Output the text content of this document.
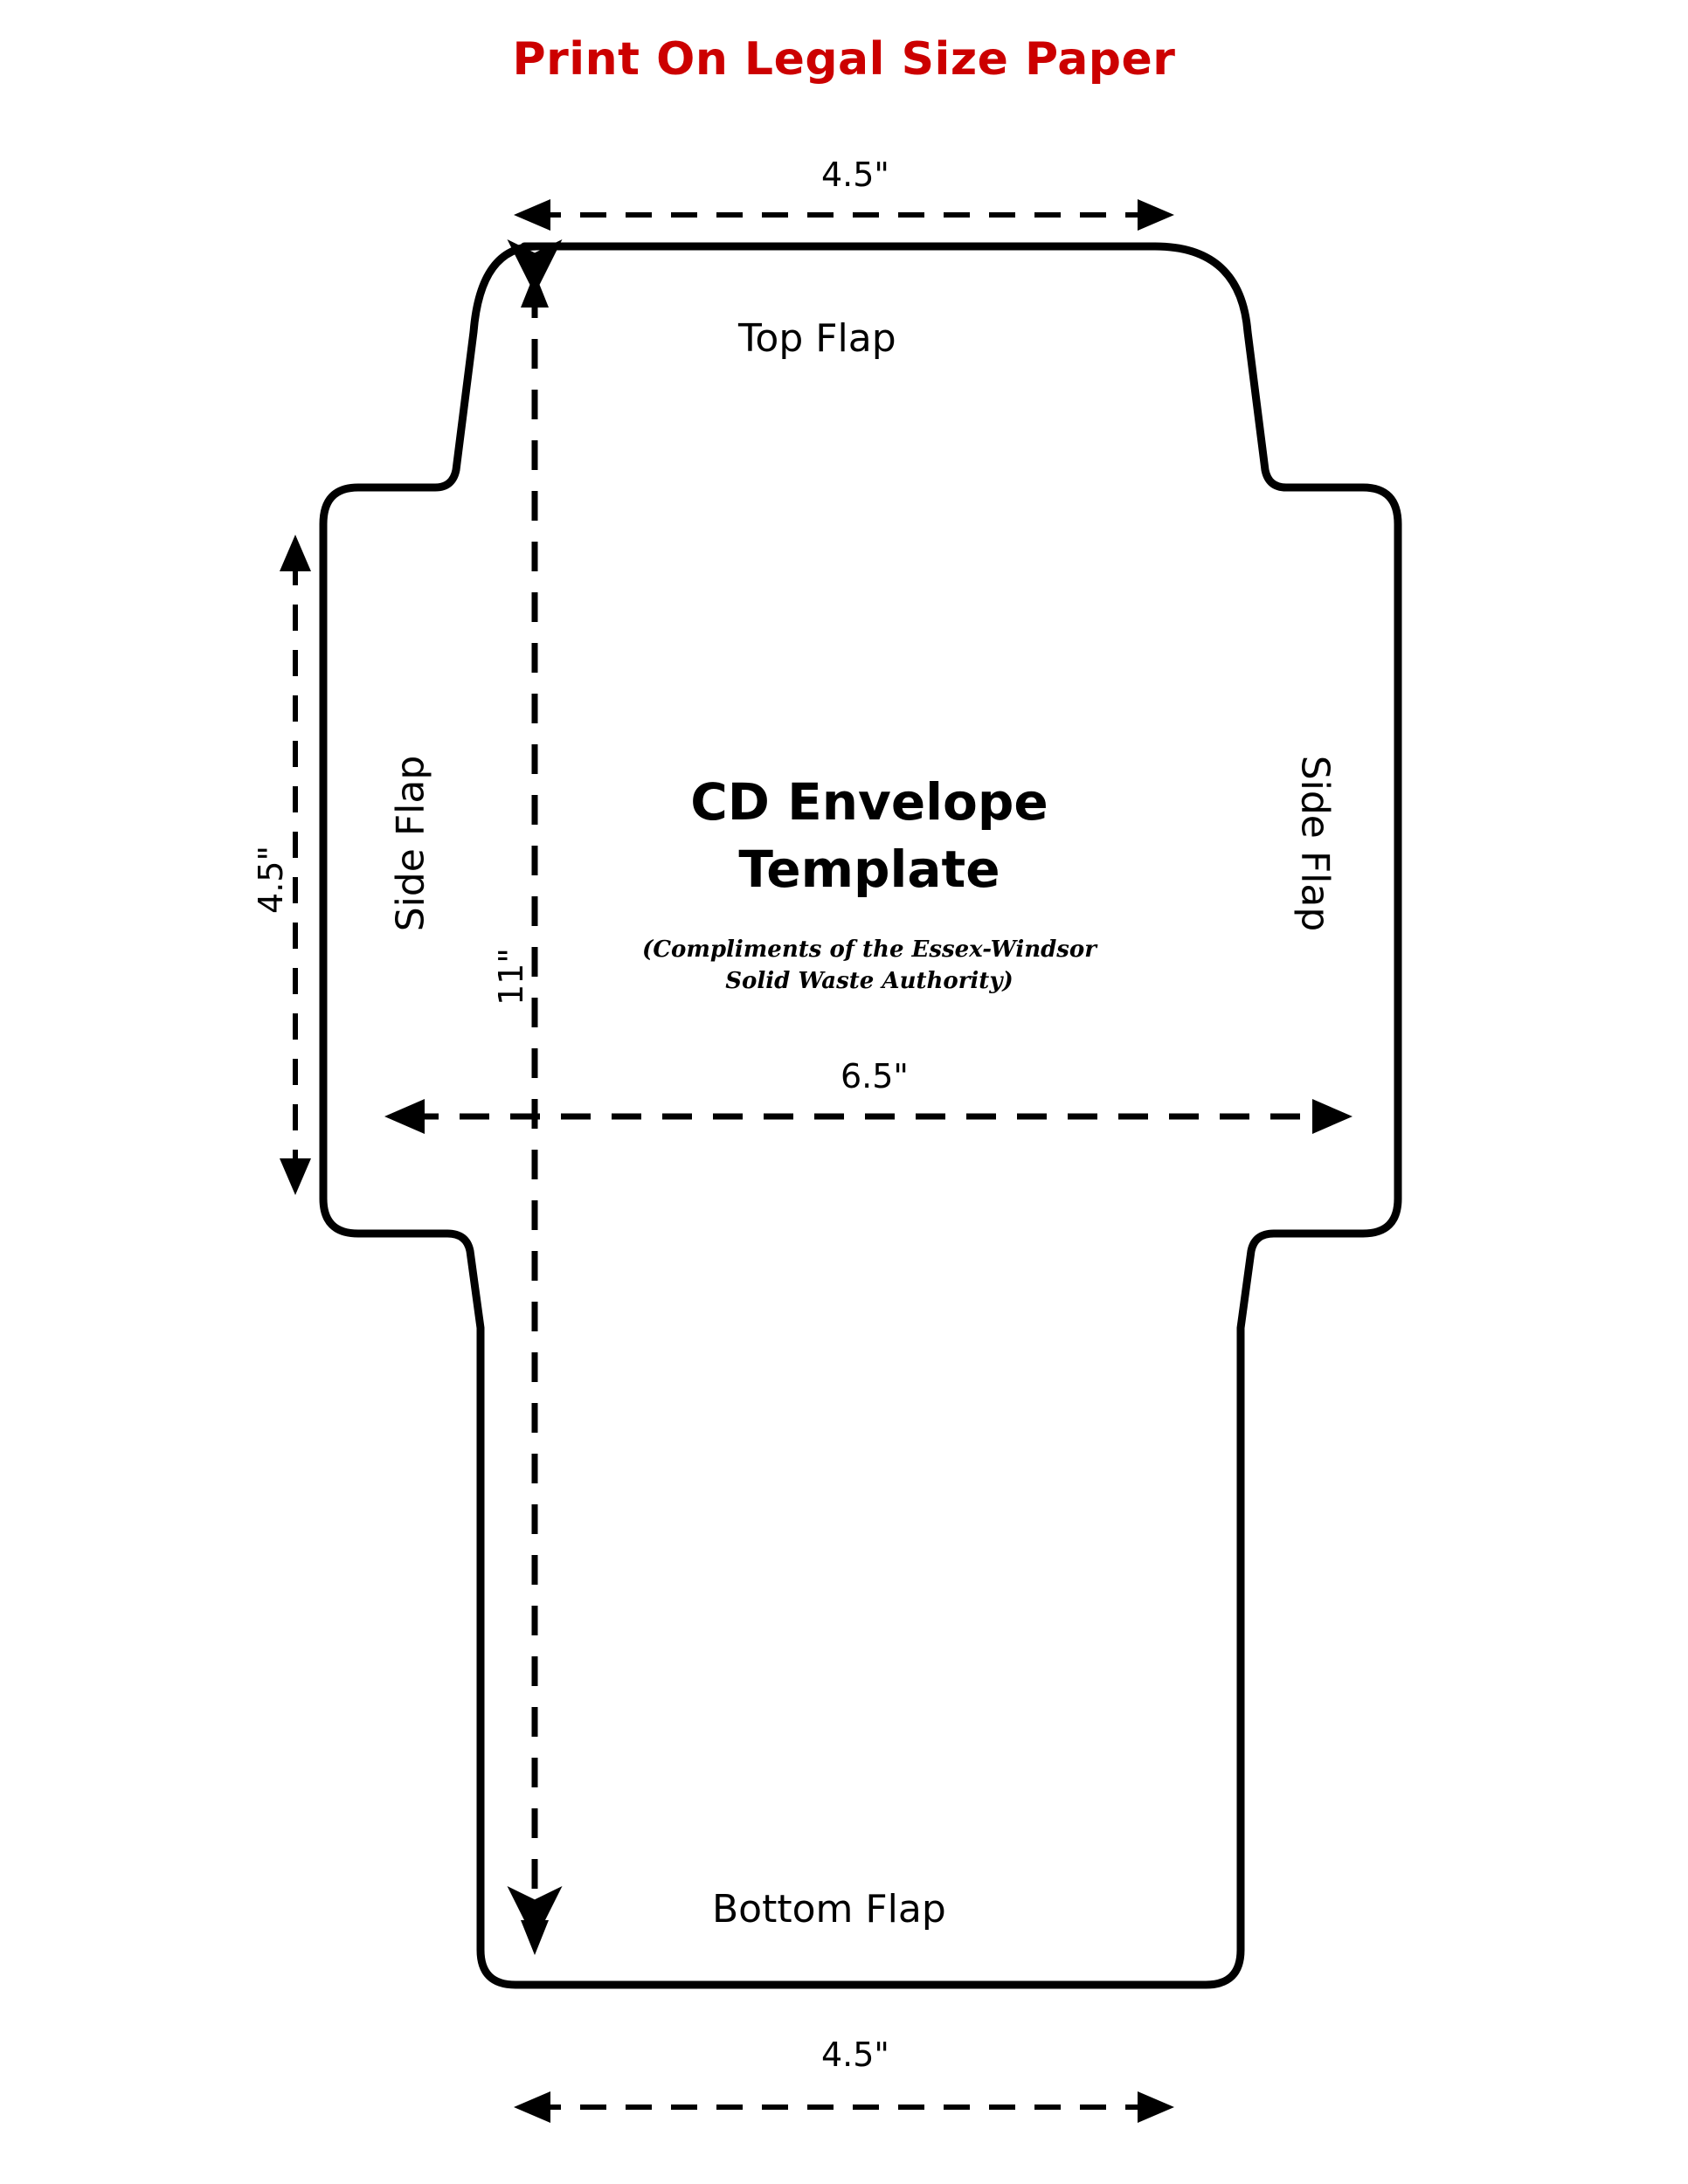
Print On Legal Size Paper
4.5"
Top Flap
4.5"	Side Flap	Side Flap
11"
CD Envelope
Template
(Compliments of the Essex-Windsor
Solid Waste Authority)
6.5"
Bottom Flap
4.5"
